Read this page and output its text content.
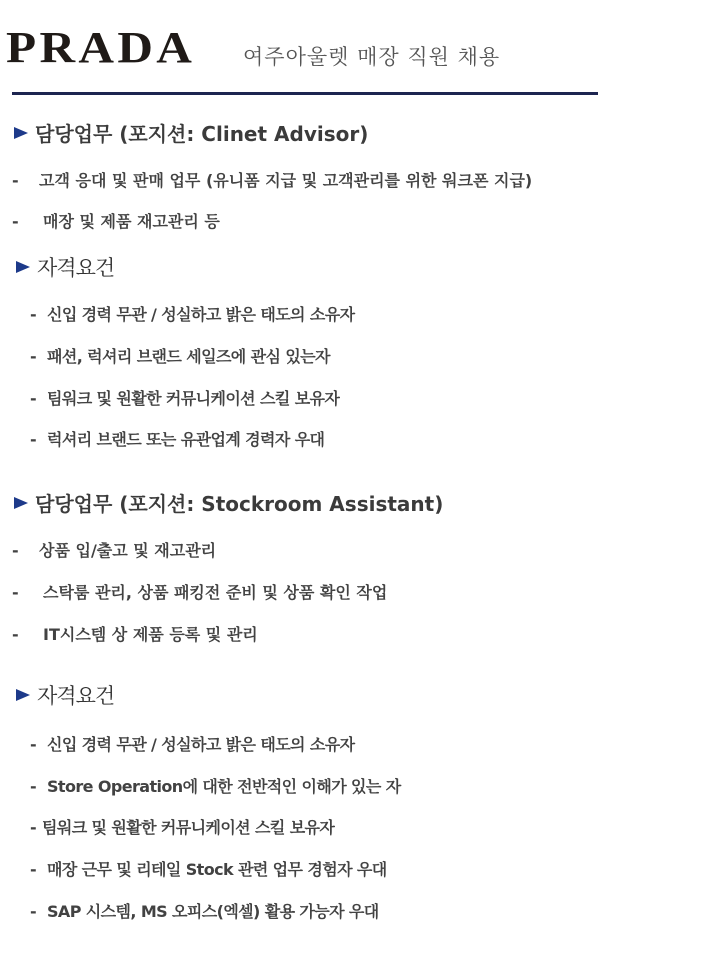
PRADA 여주아울렛 매장 직원 채용
담당업무 (포지션: Clinet Advisor)
- 고객 응대 및 판매 업무 (유니폼 지급 및 고객관리를 위한 워크폰 지급)
- 매장 및 제품 재고관리 등
자격요건
- 신입 경력 무관 / 성실하고 밝은 태도의 소유자
- 패션, 럭셔리 브랜드 세일즈에 관심 있는자
- 팀워크 및 원활한 커뮤니케이션 스킬 보유자
- 럭셔리 브랜드 또는 유관업계 경력자 우대
담당업무 (포지션: Stockroom Assistant)
- 상품 입/출고 및 재고관리
- 스탁룸 관리, 상품 패킹전 준비 및 상품 확인 작업
- IT시스템 상 제품 등록 및 관리
자격요건
- 신입 경력 무관 / 성실하고 밝은 태도의 소유자
- Store Operation에 대한 전반적인 이해가 있는 자
- 팀워크 및 원활한 커뮤니케이션 스킬 보유자
- 매장 근무 및 리테일 Stock 관련 업무 경험자 우대
- SAP 시스템, MS 오피스(엑셀) 활용 가능자 우대
